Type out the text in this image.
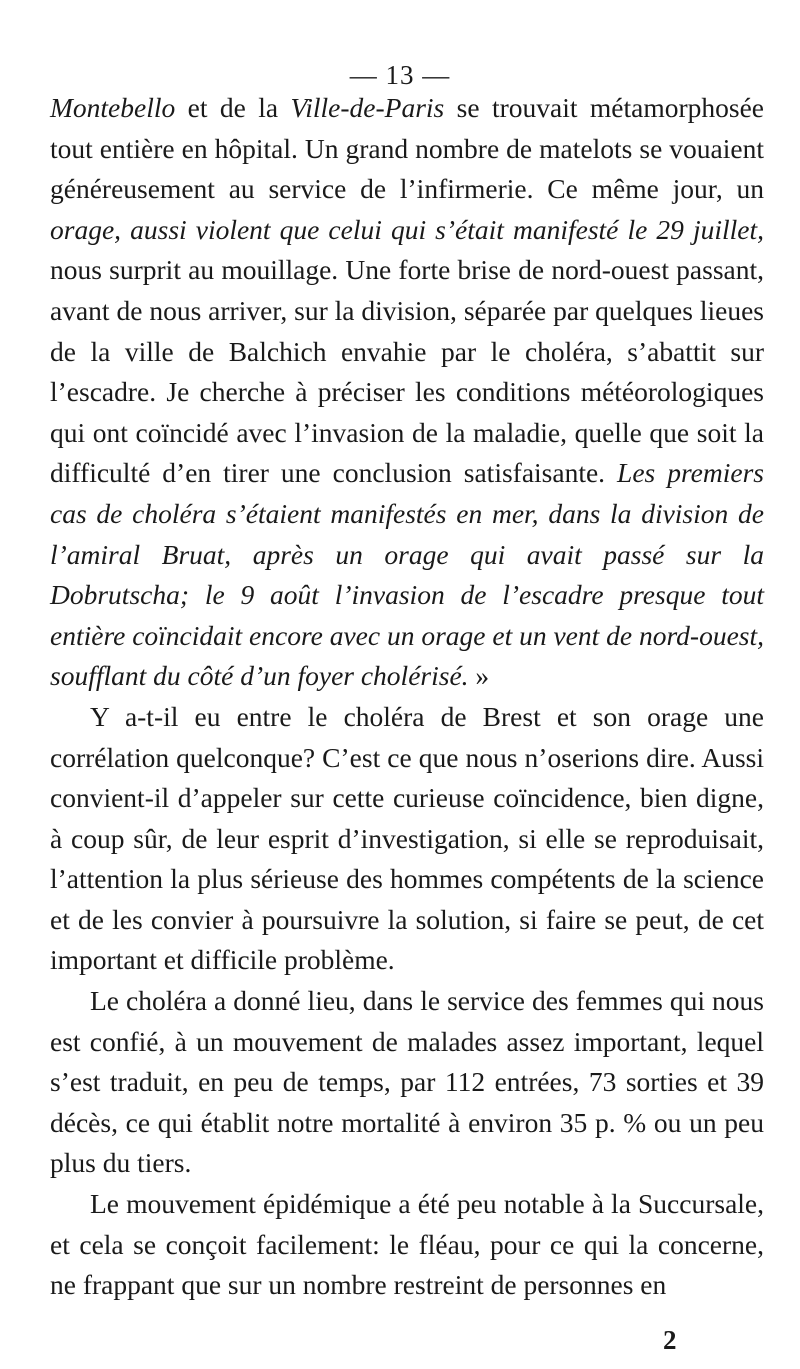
— 13 —

Montebello et de la Ville-de-Paris se trouvait métamorphosée tout entière en hôpital. Un grand nombre de matelots se vouaient généreusement au service de l’infirmerie. Ce même jour, un orage, aussi violent que celui qui s’était manifesté le 29 juillet, nous surprit au mouillage. Une forte brise de nord-ouest passant, avant de nous arriver, sur la division, séparée par quelques lieues de la ville de Balchich envahie par le choléra, s’abattit sur l’escadre. Je cherche à préciser les conditions météorologiques qui ont coïncidé avec l’invasion de la maladie, quelle que soit la difficulté d’en tirer une conclusion satisfaisante. Les premiers cas de choléra s’étaient manifestés en mer, dans la division de l’amiral Bruat, après un orage qui avait passé sur la Dobrutscha; le 9 août l’invasion de l’escadre presque tout entière coïncidait encore avec un orage et un vent de nord-ouest, soufflant du côté d’un foyer cholérisé. »

Y a-t-il eu entre le choléra de Brest et son orage une corrélation quelconque? C’est ce que nous n’oserions dire. Aussi convient-il d’appeler sur cette curieuse coïncidence, bien digne, à coup sûr, de leur esprit d’investigation, si elle se reproduisait, l’attention la plus sérieuse des hommes compétents de la science et de les convier à poursuivre la solution, si faire se peut, de cet important et difficile problème.

Le choléra a donné lieu, dans le service des femmes qui nous est confié, à un mouvement de malades assez important, lequel s’est traduit, en peu de temps, par 112 entrées, 73 sorties et 39 décès, ce qui établit notre mortalité à environ 35 p. % ou un peu plus du tiers.

Le mouvement épidémique a été peu notable à la Succursale, et cela se conçoit facilement: le fléau, pour ce qui la concerne, ne frappant que sur un nombre restreint de personnes en

2
